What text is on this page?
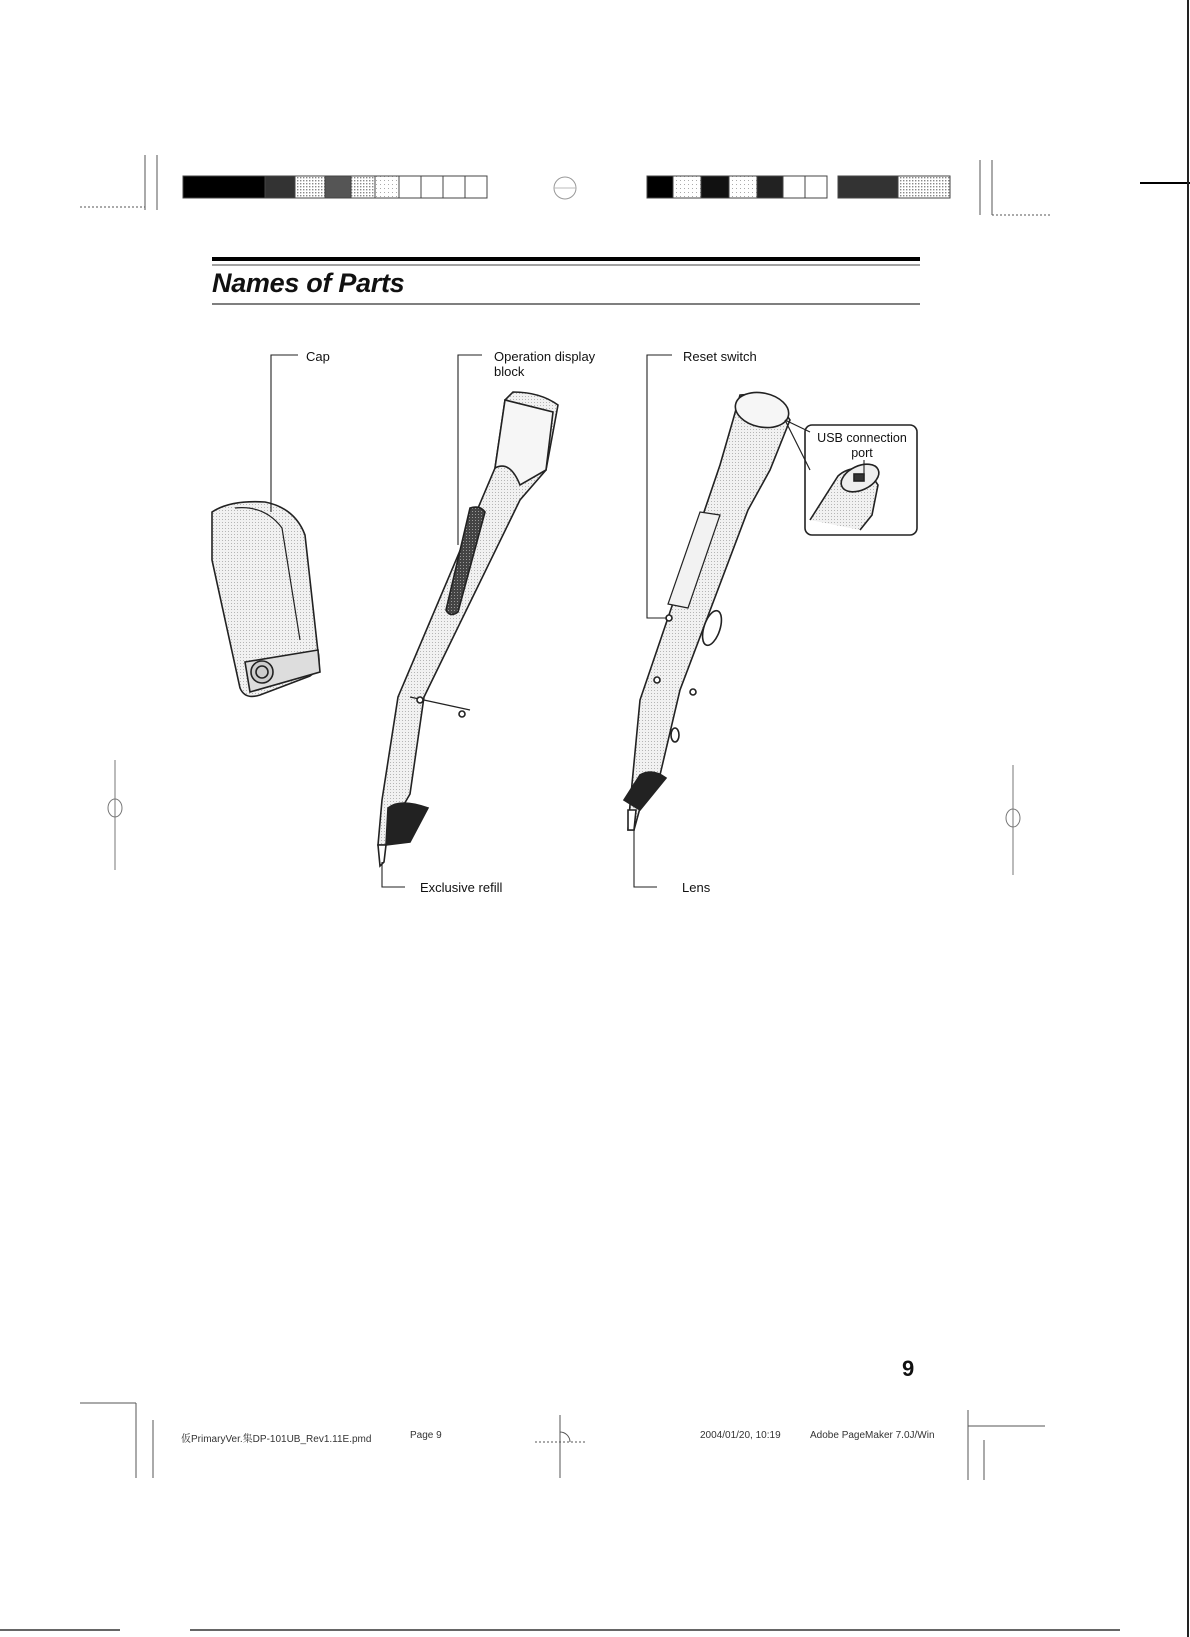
Names of Parts
Cap	Operation display
block
Reset switch
USB connection
port
Exclusive refill	Lens
9
仮PrimaryVer.集DP-101UB_Rev1.11E.pmd	Page 9	2004/01/20, 10:19	Adobe PageMaker 7.0J/Win
